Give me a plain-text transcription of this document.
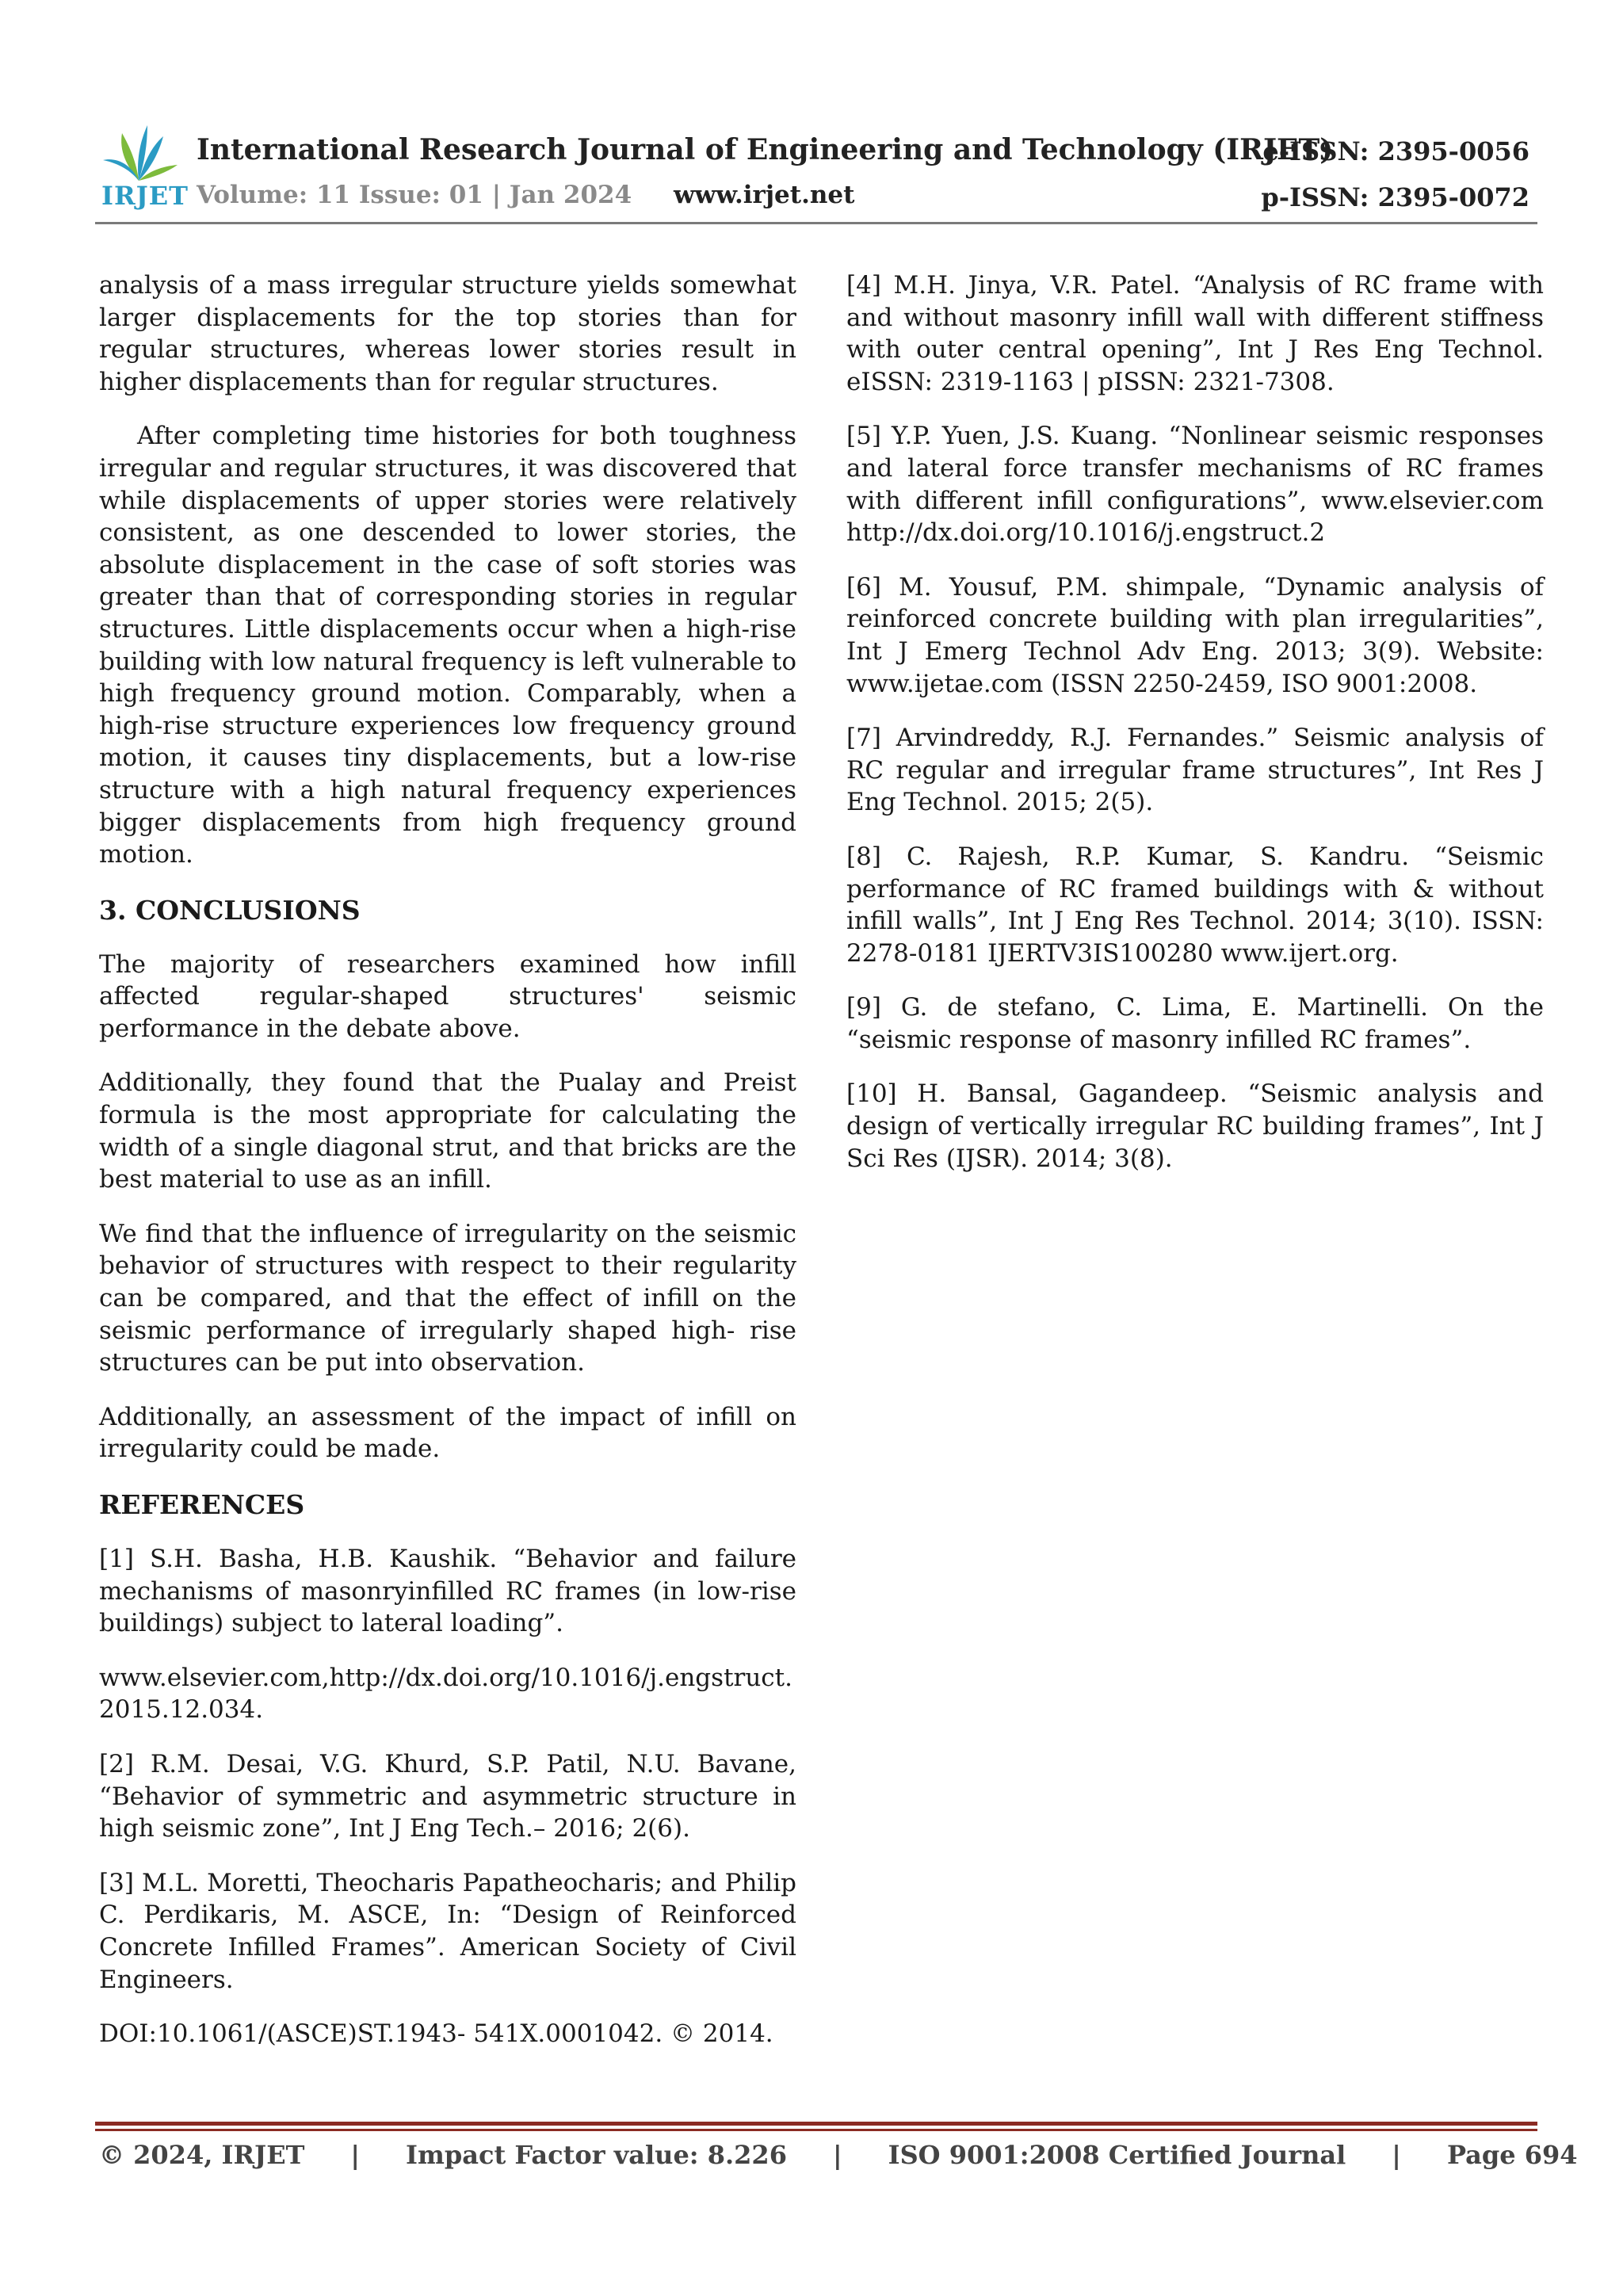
IRJET
International Research Journal of Engineering and Technology (IRJET)
Volume: 11 Issue: 01 | Jan 2024 www.irjet.net
e-ISSN: 2395-0056
p-ISSN: 2395-0072

analysis of a mass irregular structure yields somewhat larger displacements for the top stories than for regular structures, whereas lower stories result in higher displacements than for regular structures.

After completing time histories for both toughness irregular and regular structures, it was discovered that while displacements of upper stories were relatively consistent, as one descended to lower stories, the absolute displacement in the case of soft stories was greater than that of corresponding stories in regular structures. Little displacements occur when a high-rise building with low natural frequency is left vulnerable to high frequency ground motion. Comparably, when a high-rise structure experiences low frequency ground motion, it causes tiny displacements, but a low-rise structure with a high natural frequency experiences bigger displacements from high frequency ground motion.

3. CONCLUSIONS

The majority of researchers examined how infill affected regular-shaped structures' seismic performance in the debate above.

Additionally, they found that the Pualay and Preist formula is the most appropriate for calculating the width of a single diagonal strut, and that bricks are the best material to use as an infill.

We find that the influence of irregularity on the seismic behavior of structures with respect to their regularity can be compared, and that the effect of infill on the seismic performance of irregularly shaped high- rise structures can be put into observation.

Additionally, an assessment of the impact of infill on irregularity could be made.

REFERENCES

[1] S.H. Basha, H.B. Kaushik. “Behavior and failure mechanisms of masonryinfilled RC frames (in low-rise buildings) subject to lateral loading”.

www.elsevier.com,http://dx.doi.org/10.1016/j.engstruct. 2015.12.034.

[2] R.M. Desai, V.G. Khurd, S.P. Patil, N.U. Bavane, “Behavior of symmetric and asymmetric structure in high seismic zone”, Int J Eng Tech.– 2016; 2(6).

[3] M.L. Moretti, Theocharis Papatheocharis; and Philip C. Perdikaris, M. ASCE, In: “Design of Reinforced Concrete Infilled Frames”. American Society of Civil Engineers.

DOI:10.1061/(ASCE)ST.1943- 541X.0001042. © 2014.

[4] M.H. Jinya, V.R. Patel. “Analysis of RC frame with and without masonry infill wall with different stiffness with outer central opening”, Int J Res Eng Technol. eISSN: 2319-1163 | pISSN: 2321-7308.

[5] Y.P. Yuen, J.S. Kuang. “Nonlinear seismic responses and lateral force transfer mechanisms of RC frames with different infill configurations”, www.elsevier.com http://dx.doi.org/10.1016/j.engstruct.2

[6] M. Yousuf, P.M. shimpale, “Dynamic analysis of reinforced concrete building with plan irregularities”, Int J Emerg Technol Adv Eng. 2013; 3(9). Website: www.ijetae.com (ISSN 2250-2459, ISO 9001:2008.

[7] Arvindreddy, R.J. Fernandes.” Seismic analysis of RC regular and irregular frame structures”, Int Res J Eng Technol. 2015; 2(5).

[8] C. Rajesh, R.P. Kumar, S. Kandru. “Seismic performance of RC framed buildings with & without infill walls”, Int J Eng Res Technol. 2014; 3(10). ISSN: 2278-0181 IJERTV3IS100280 www.ijert.org.

[9] G. de stefano, C. Lima, E. Martinelli. On the “seismic response of masonry infilled RC frames”.

[10] H. Bansal, Gagandeep. “Seismic analysis and design of vertically irregular RC building frames”, Int J Sci Res (IJSR). 2014; 3(8).

© 2024, IRJET	|	Impact Factor value: 8.226	|	ISO 9001:2008 Certified Journal	|	Page 694
